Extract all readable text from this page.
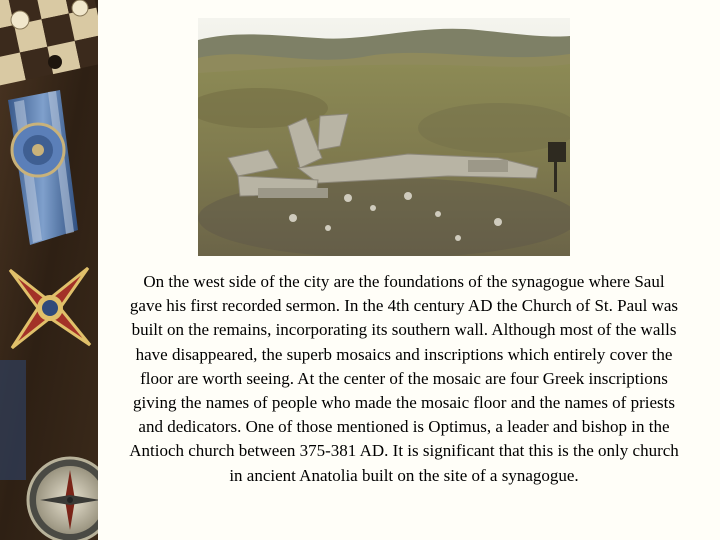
On the west side of the city are the foundations of the synagogue where Saul gave his first recorded sermon. In the 4th century AD the Church of St. Paul was built on the remains, incorporating its southern wall. Although most of the walls have disappeared, the superb mosaics and inscriptions which entirely cover the floor are worth seeing. At the center of the mosaic are four Greek inscriptions giving the names of people who made the mosaic floor and the names of priests and dedicators. One of those mentioned is Optimus, a leader and bishop in the Antioch church between 375-381 AD. It is significant that this is the only church in ancient Anatolia built on the site of a synagogue.
